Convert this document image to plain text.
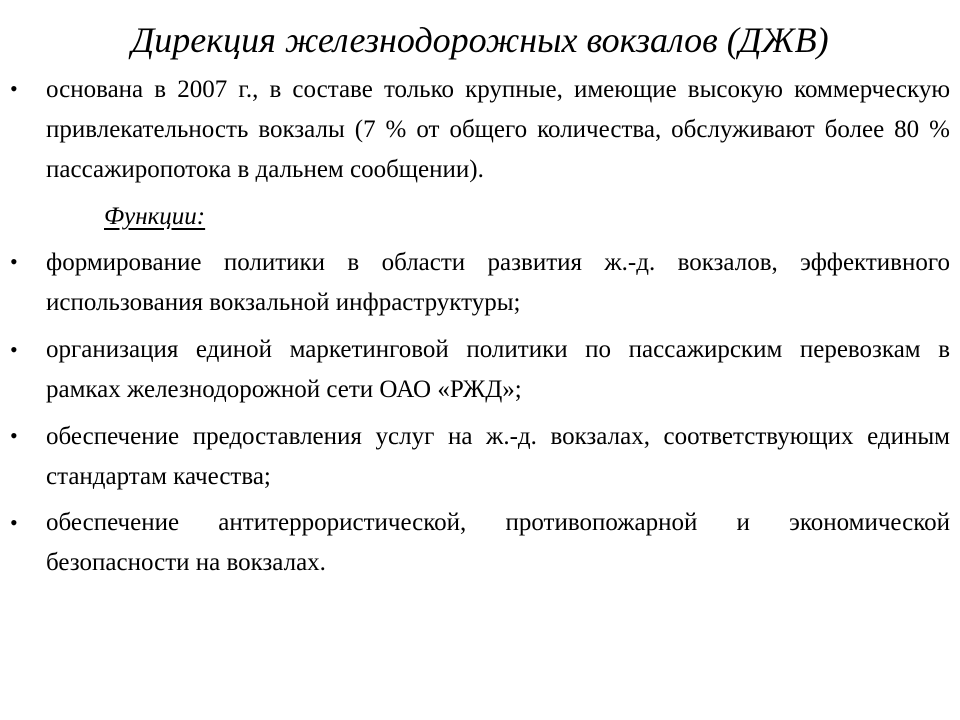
Дирекция железнодорожных вокзалов (ДЖВ)
• основана в 2007 г., в составе только крупные, имеющие высокую коммерческую привлекательность вокзалы (7 % от общего количества, обслуживают более 80 % пассажиропотока в дальнем сообщении).
Функции:
• формирование политики в области развития ж.-д. вокзалов, эффективного использования вокзальной инфраструктуры;
• организация единой маркетинговой политики по пассажирским перевозкам в рамках железнодорожной сети ОАО «РЖД»;
• обеспечение предоставления услуг на ж.-д. вокзалах, соответствующих единым стандартам качества;
• обеспечение антитеррористической, противопожарной и экономической безопасности на вокзалах.
